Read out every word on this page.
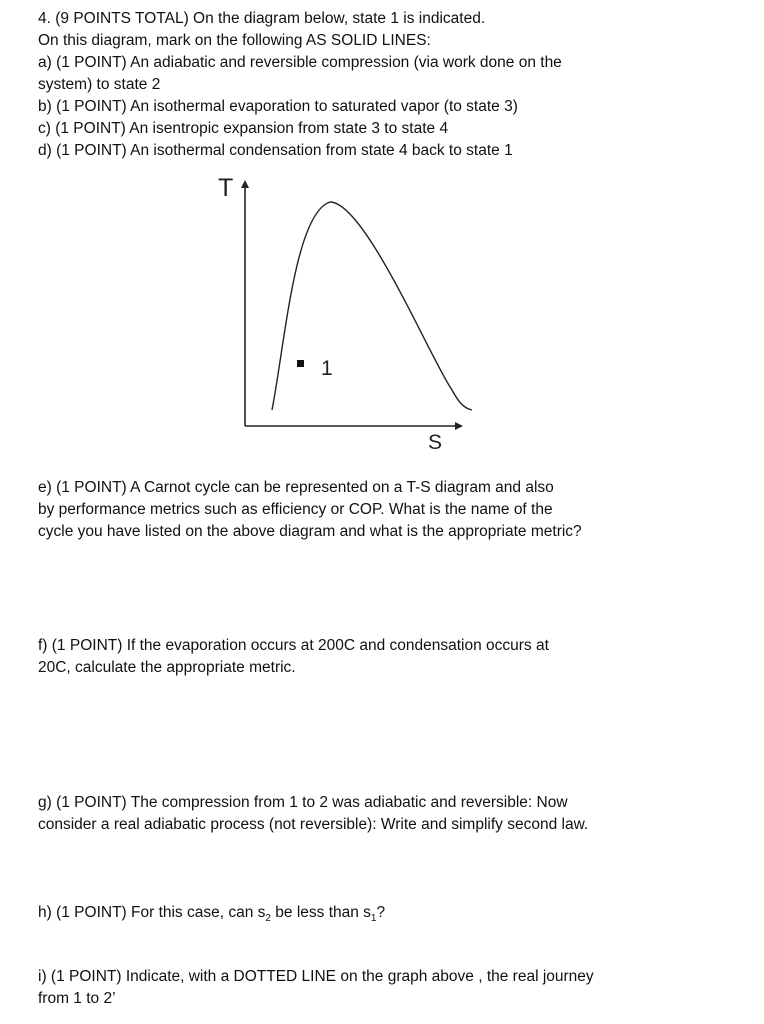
4. (9 POINTS TOTAL) On the diagram below, state 1 is indicated.
On this diagram, mark on the following AS SOLID LINES:
a) (1 POINT) An adiabatic and reversible compression (via work done on the
system) to state 2
b) (1 POINT) An isothermal evaporation to saturated vapor (to state 3)
c) (1 POINT) An isentropic expansion from state 3 to state 4
d) (1 POINT) An isothermal condensation from state 4 back to state 1
T
S
1
e) (1 POINT) A Carnot cycle can be represented on a T-S diagram and also
by performance metrics such as efficiency or COP. What is the name of the
cycle you have listed on the above diagram and what is the appropriate metric?
f) (1 POINT) If the evaporation occurs at 200C and condensation occurs at
20C, calculate the appropriate metric.
g) (1 POINT) The compression from 1 to 2 was adiabatic and reversible: Now
consider a real adiabatic process (not reversible): Write and simplify second law.
h) (1 POINT) For this case, can $s_2$ be less than $s_1$?
i) (1 POINT) Indicate, with a DOTTED LINE on the graph above , the real journey
from 1 to 2’
